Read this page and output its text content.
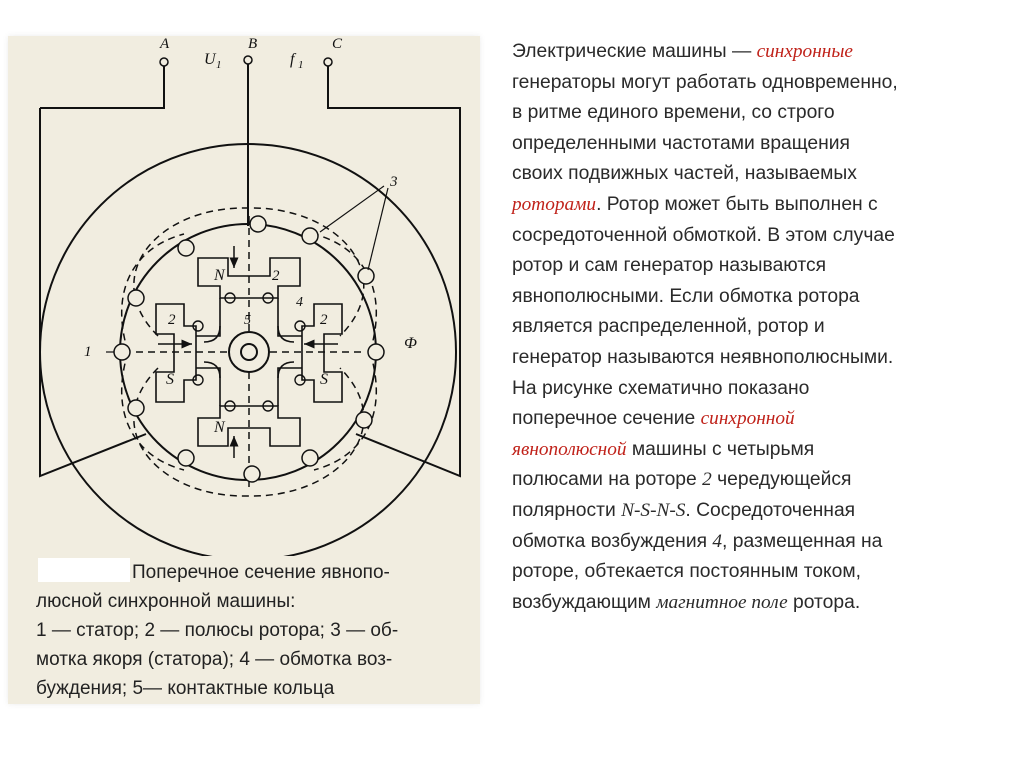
A	B	C
U 1	f 1
N
N
S	S
1
2
2	2
3
4
5
Ф
Поперечное сечение явнопо-
люсной синхронной машины:
1 — статор; 2 — полюсы ротора; 3 — об-
мотка якоря (статора); 4 — обмотка воз-
буждения; 5— контактные кольца
Электрические машины — синхронные
генераторы могут работать одновременно,
в ритме единого времени, со строго
определенными частотами вращения
своих подвижных частей, называемых
роторами. Ротор может быть выполнен с
сосредоточенной обмоткой. В этом случае
ротор и сам генератор называются
явнополюсными. Если обмотка ротора
является распределенной, ротор и
генератор называются неявнополюсными.
На рисунке схематично показано
поперечное сечение синхронной
явнополюсной машины с четырьмя
полюсами на роторе 2 чередующейся
полярности N-S-N-S. Сосредоточенная
обмотка возбуждения 4, размещенная на
роторе, обтекается постоянным током,
возбуждающим магнитное поле ротора.
